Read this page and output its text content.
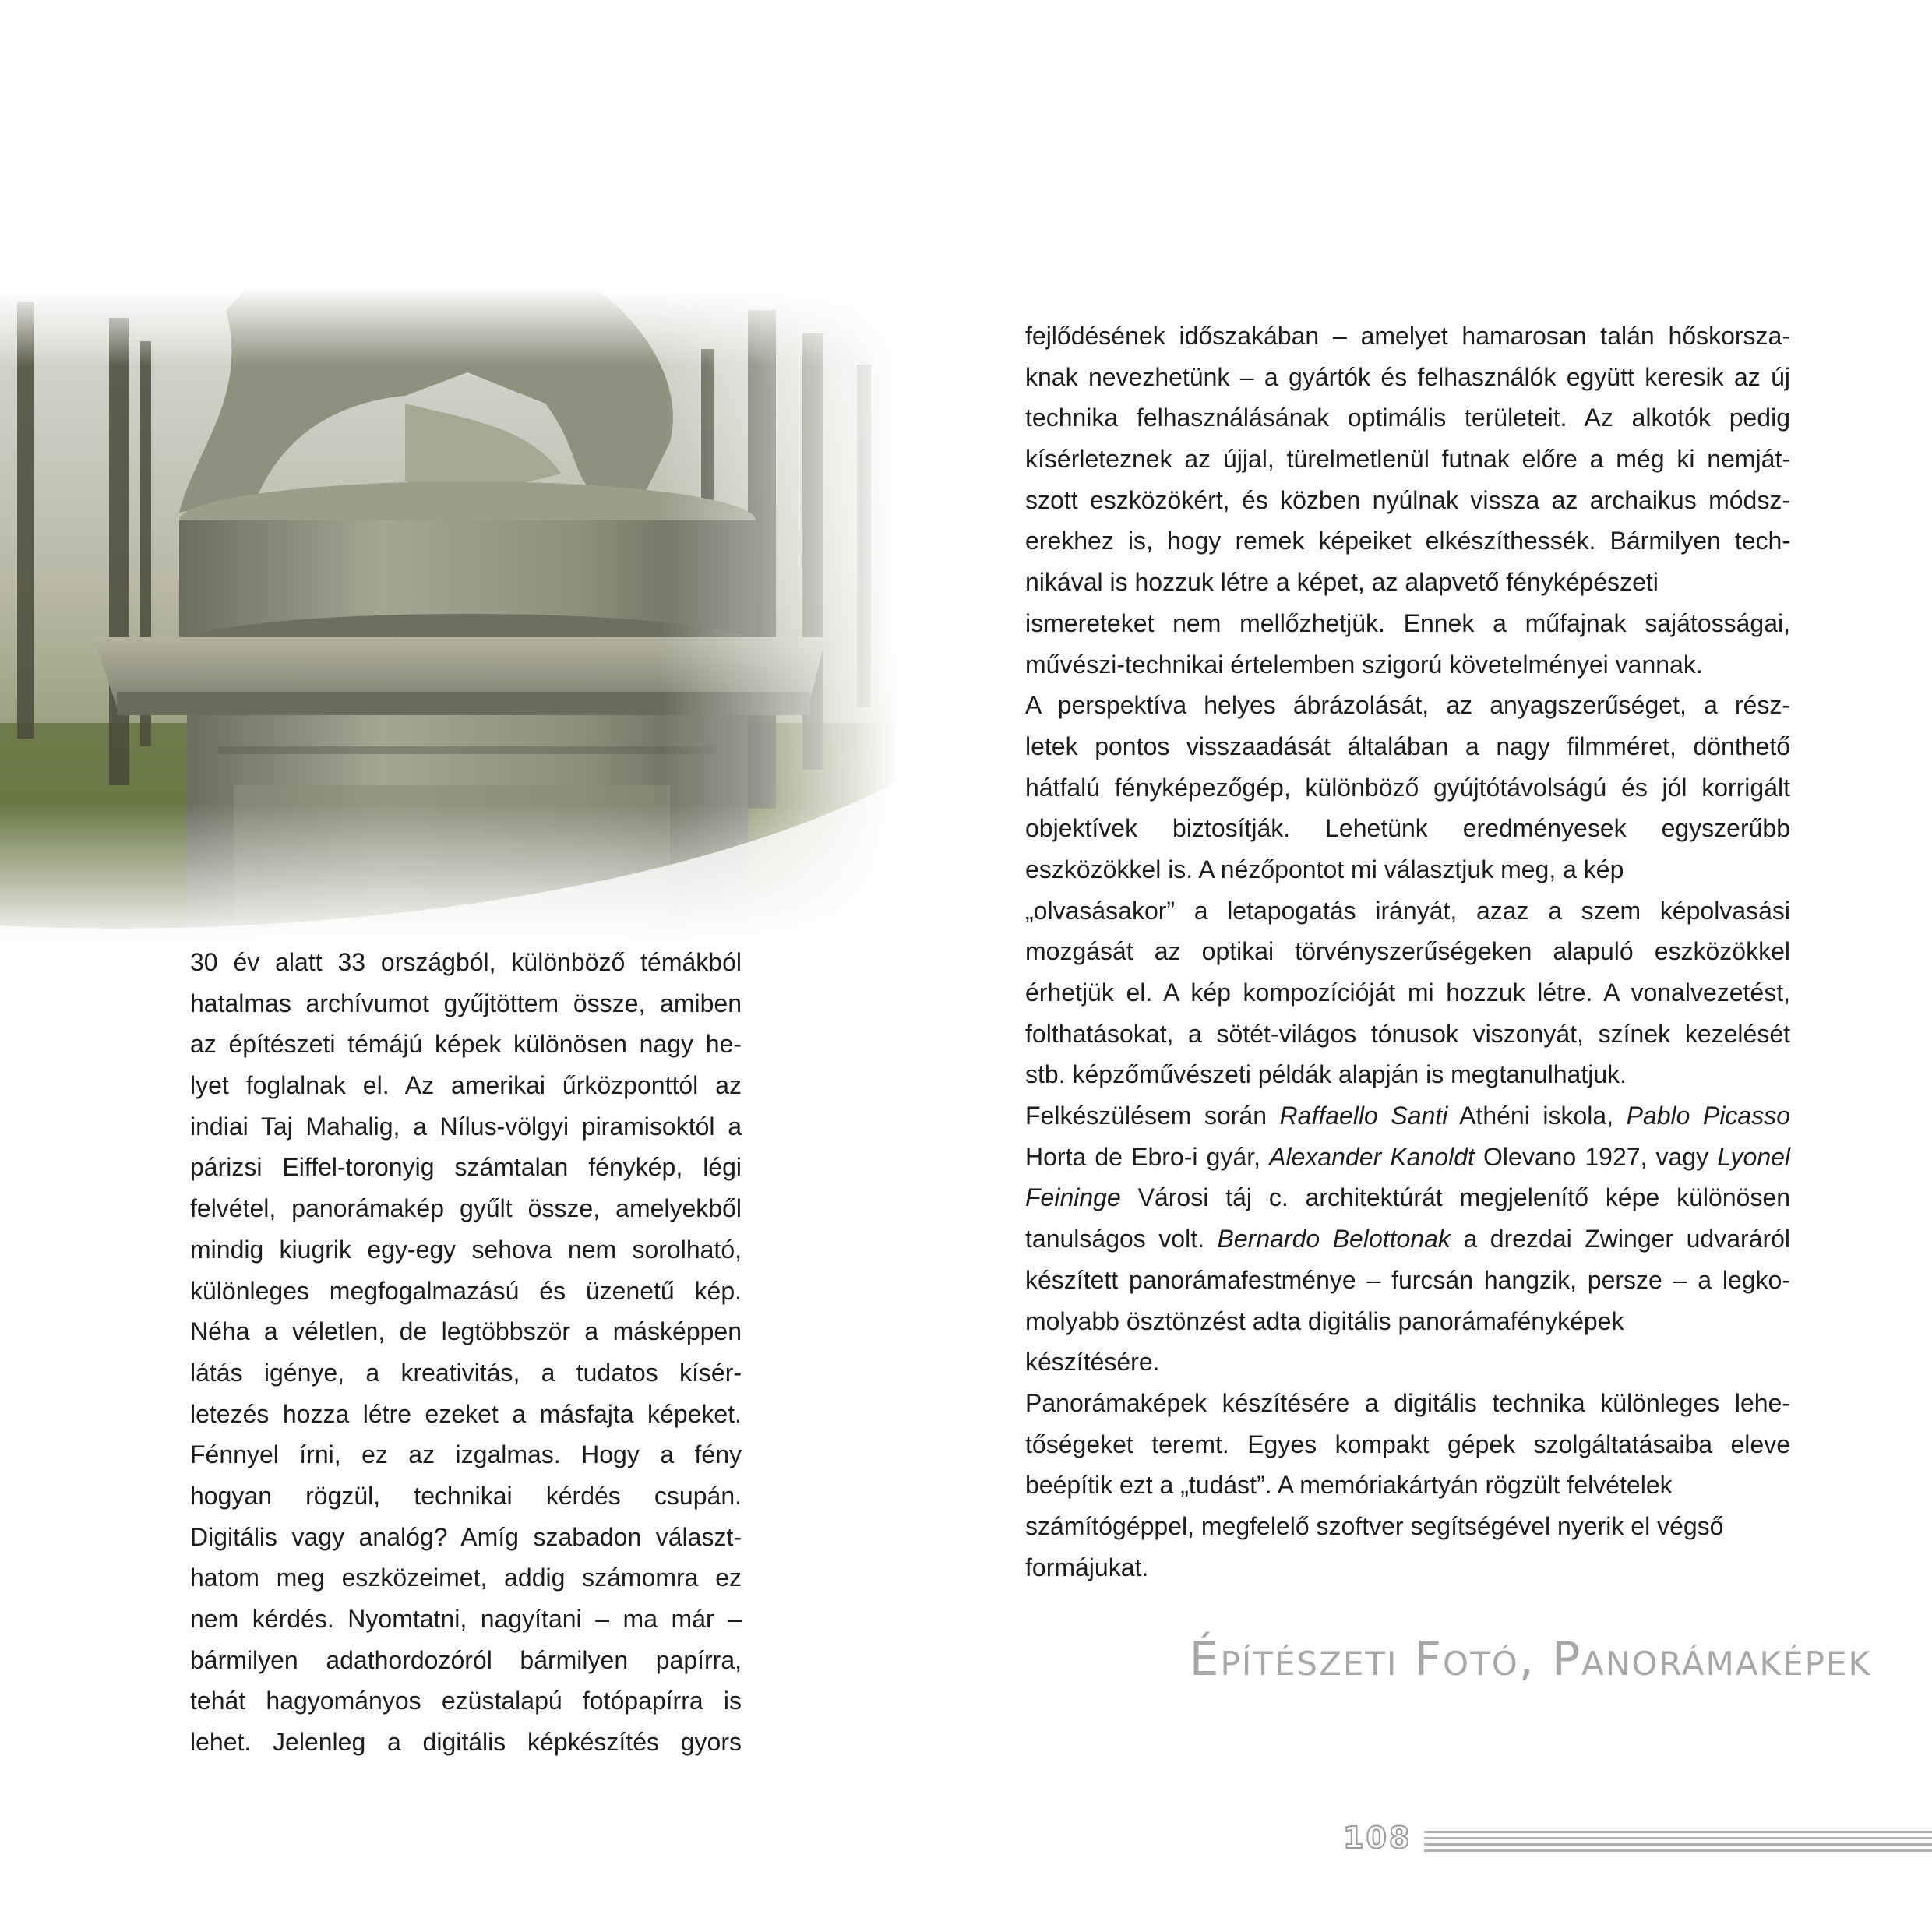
30 év alatt 33 országból, különböző témákból
hatalmas archívumot gyűjtöttem össze, amiben
az építészeti témájú képek különösen nagy he-
lyet foglalnak el. Az amerikai űrközponttól az
indiai Taj Mahalig, a Nílus-völgyi piramisoktól a
párizsi Eiffel-toronyig számtalan fénykép, légi
felvétel, panorámakép gyűlt össze, amelyekből
mindig kiugrik egy-egy sehova nem sorolható,
különleges megfogalmazású és üzenetű kép.
Néha a véletlen, de legtöbbször a másképpen
látás igénye, a kreativitás, a tudatos kísér-
letezés hozza létre ezeket a másfajta képeket.
Fénnyel írni, ez az izgalmas. Hogy a fény
hogyan rögzül, technikai kérdés csupán.
Digitális vagy analóg? Amíg szabadon választ-
hatom meg eszközeimet, addig számomra ez
nem kérdés. Nyomtatni, nagyítani – ma már –
bármilyen adathordozóról bármilyen papírra,
tehát hagyományos ezüstalapú fotópapírra is
lehet. Jelenleg a digitális képkészítés gyors
fejlődésének időszakában – amelyet hamarosan talán hőskorsza-
knak nevezhetünk – a gyártók és felhasználók együtt keresik az új
technika felhasználásának optimális területeit. Az alkotók pedig
kísérleteznek az újjal, türelmetlenül futnak előre a még ki nemját-
szott eszközökért, és közben nyúlnak vissza az archaikus módsz-
erekhez is, hogy remek képeiket elkészíthessék. Bármilyen tech-
nikával is hozzuk létre a képet, az alapvető fényképészeti
ismereteket nem mellőzhetjük. Ennek a műfajnak sajátosságai,
művészi-technikai értelemben szigorú követelményei vannak.
A perspektíva helyes ábrázolását, az anyagszerűséget, a rész-
letek pontos visszaadását általában a nagy filmméret, dönthető
hátfalú fényképezőgép, különböző gyújtótávolságú és jól korrigált
objektívek biztosítják. Lehetünk eredményesek egyszerűbb
eszközökkel is. A nézőpontot mi választjuk meg, a kép
„olvasásakor” a letapogatás irányát, azaz a szem képolvasási
mozgását az optikai törvényszerűségeken alapuló eszközökkel
érhetjük el. A kép kompozícióját mi hozzuk létre. A vonalvezetést,
folthatásokat, a sötét-világos tónusok viszonyát, színek kezelését
stb. képzőművészeti példák alapján is megtanulhatjuk.
Felkészülésem során Raffaello Santi Athéni iskola, Pablo Picasso
Horta de Ebro-i gyár, Alexander Kanoldt Olevano 1927, vagy Lyonel
Feininge Városi táj c. architektúrát megjelenítő képe különösen
tanulságos volt. Bernardo Belottonak a drezdai Zwinger udvaráról
készített panorámafestménye – furcsán hangzik, persze – a legko-
molyabb ösztönzést adta digitális panorámafényképek
készítésére.
Panorámaképek készítésére a digitális technika különleges lehe-
tőségeket teremt. Egyes kompakt gépek szolgáltatásaiba eleve
beépítik ezt a „tudást”. A memóriakártyán rögzült felvételek
számítógéppel, megfelelő szoftver segítségével nyerik el végső
formájukat.
Építészeti Fotó, Panorámaképek
108
